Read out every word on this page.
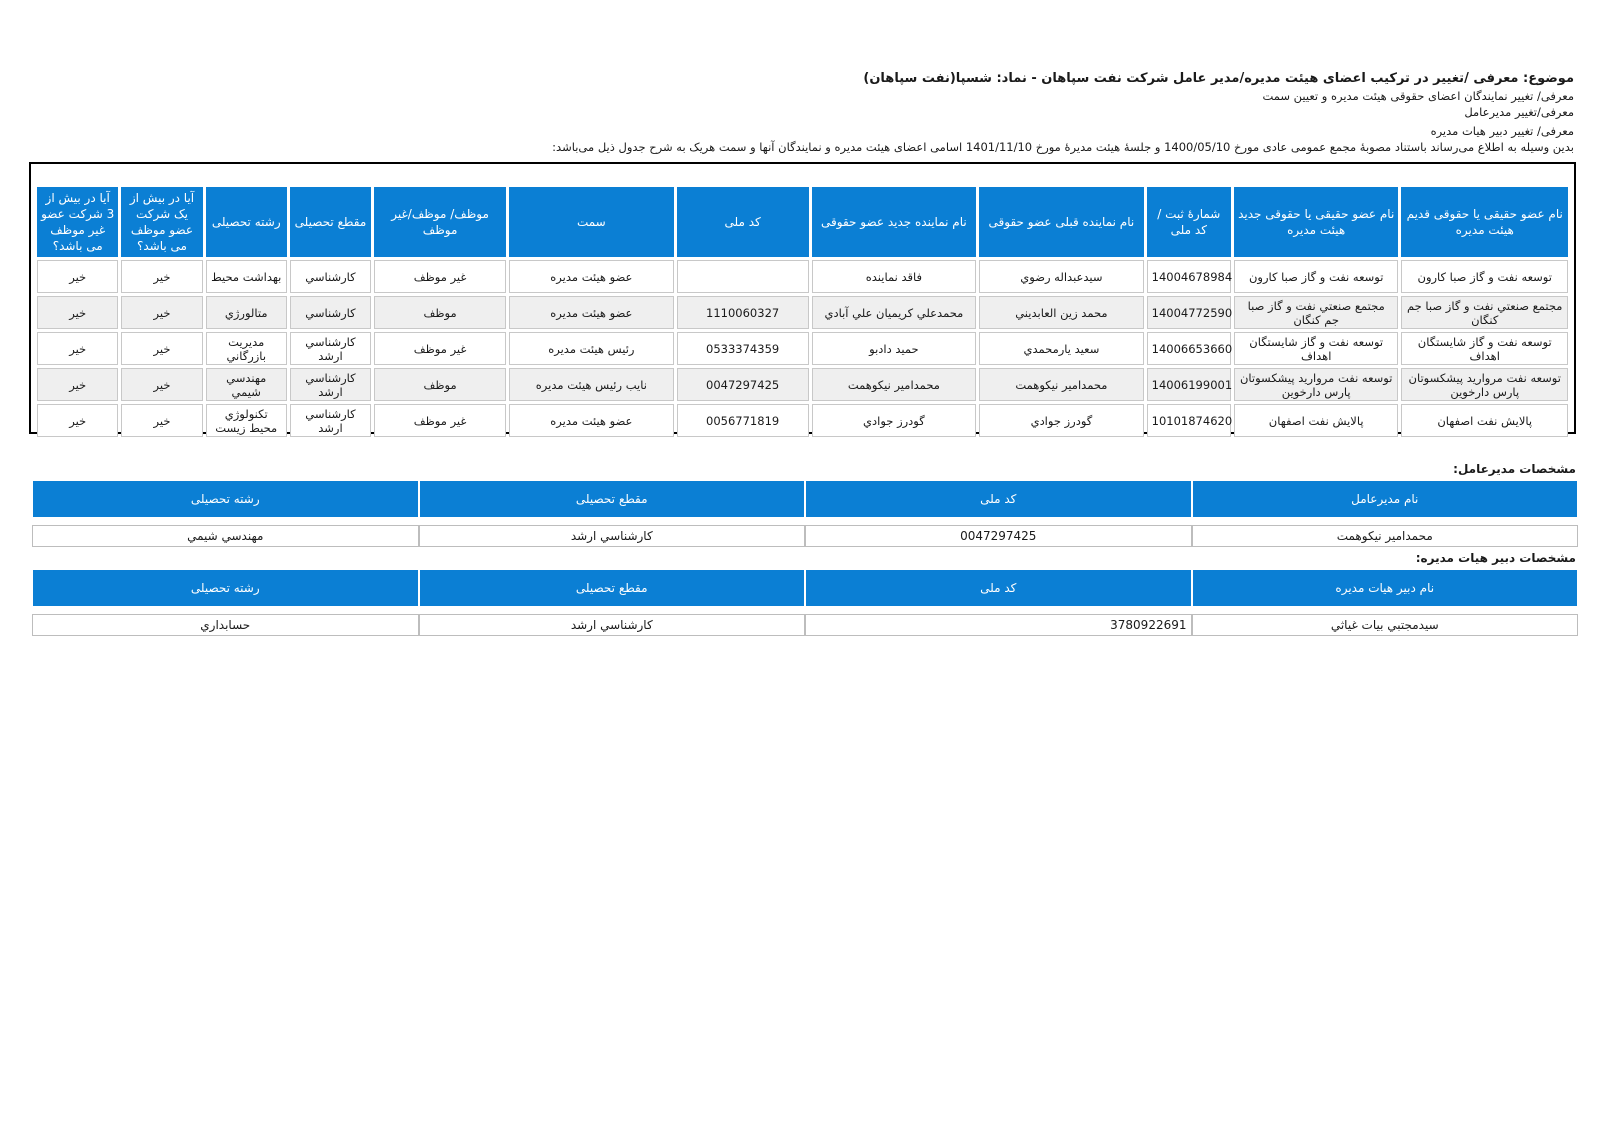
موضوع: معرفی /تغییر در ترکیب اعضای هیئت مدیره/مدیر عامل شرکت نفت سپاهان - نماد: شسپا(نفت سپاهان)
معرفی/ تغییر نمایندگان اعضای حقوقی هیئت مدیره و تعیین سمت
معرفی/تغییر مدیرعامل
معرفی/ تغییر دبیر هیات مدیره
بدین وسیله به اطلاع می‌رساند باستناد مصوبهٔ مجمع عمومی عادی مورخ 1400/05/10 و جلسهٔ هیئت مدیرهٔ مورخ 1401/11/10 اسامی اعضای هیئت مدیره و نمایندگان آنها و سمت هریک به شرح جدول ذیل می‌باشد:
نام عضو حقیقی یا حقوقی قدیم هیئت مدیره	نام عضو حقیقی یا حقوقی جدید هیئت مدیره	شمارهٔ ثبت / کد ملی	نام نماینده قبلی عضو حقوقی	نام نماینده جدید عضو حقوقی	کد ملی	سمت	موظف/ موظف/غیر موظف	مقطع تحصیلی	رشته تحصیلی	آیا در بیش از یک شرکت عضو موظف می باشد؟	آیا در بیش از 3 شرکت عضو غیر موظف می باشد؟
توسعه نفت و گاز صبا کارون	توسعه نفت و گاز صبا کارون	14004678984	سیدعبداله رضوي	فاقد نماینده		عضو هیئت مدیره	غیر موظف	کارشناسي	بهداشت محیط	خیر	خیر
مجتمع صنعتي نفت و گاز صبا جم کنگان	مجتمع صنعتي نفت و گاز صبا جم کنگان	14004772590	محمد زين العابديني	محمدعلي کريميان علي آبادي	1110060327	عضو هیئت مدیره	موظف	کارشناسي	متالورژي	خیر	خیر
توسعه نفت و گاز شایستگان اهداف	توسعه نفت و گاز شایستگان اهداف	14006653660	سعید يارمحمدي	حمید دادبو	0533374359	رئیس هیئت مدیره	غیر موظف	کارشناسي ارشد	مدیریت بازرگاني	خیر	خیر
توسعه نفت مروارید پیشکسوتان پارس دارخوین	توسعه نفت مروارید پیشکسوتان پارس دارخوین	14006199001	محمدامیر نیکوهمت	محمدامیر نیکوهمت	0047297425	نایب رئیس هیئت مدیره	موظف	کارشناسي ارشد	مهندسي شیمي	خیر	خیر
پالایش نفت اصفهان	پالایش نفت اصفهان	10101874620	گودرز جوادي	گودرز جوادي	0056771819	عضو هیئت مدیره	غیر موظف	کارشناسي ارشد	تکنولوژي محیط زیست	خیر	خیر
مشخصات مدیرعامل:
نام مدیرعامل	کد ملی	مقطع تحصیلی	رشته تحصیلی

محمدامیر نیکوهمت	0047297425	کارشناسي ارشد	مهندسي شیمي
مشخصات دبیر هیات مدیره:
نام دبیر هیات مدیره	کد ملی	مقطع تحصیلی	رشته تحصیلی

سیدمجتبي بیات غیاثي	3780922691	کارشناسي ارشد	حسابداري
